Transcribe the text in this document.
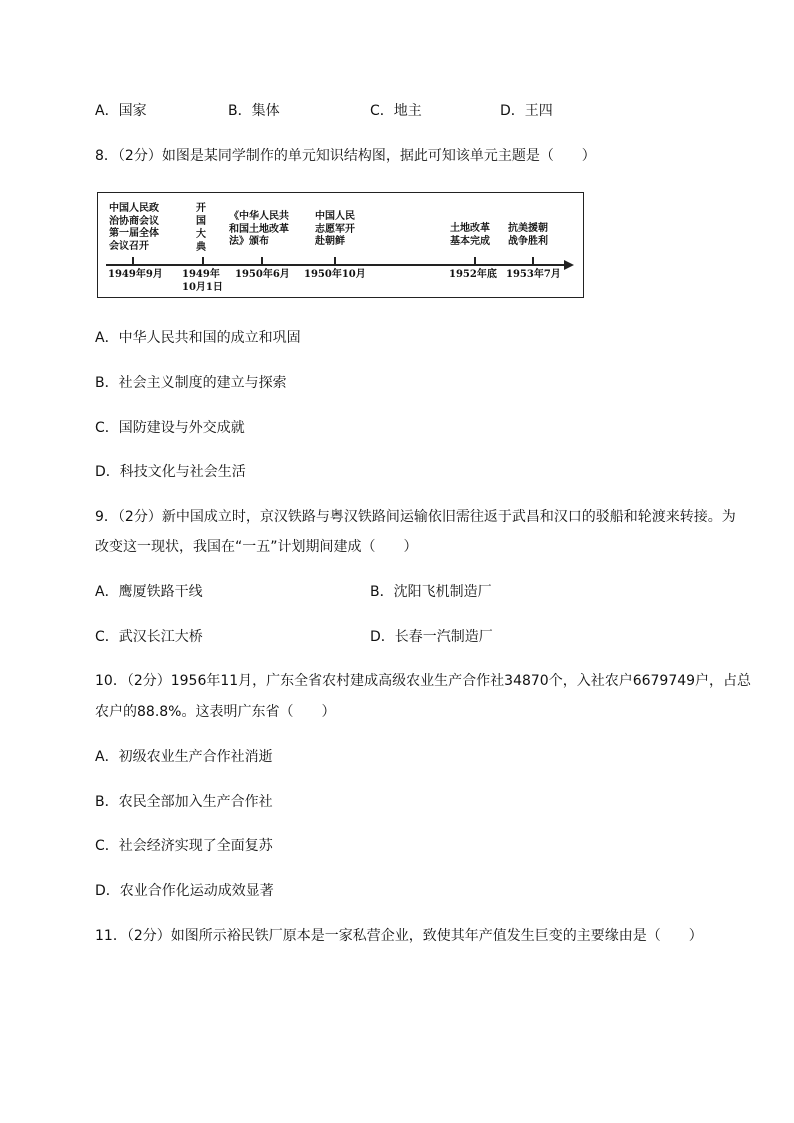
A．国家	B．集体	C．地主	D．王四
8．（2分）如图是某同学制作的单元知识结构图，据此可知该单元主题是（　　）
中国人民政
治协商会议
第一届全体
会议召开
开
国
大
典
《中华人民共
和国土地改革
法》颁布
中国人民
志愿军开
赴朝鲜
土地改革
基本完成
抗美援朝
战争胜利
1949年9月 1949年
10月1日
1950年6月 1950年10月	1952年底 1953年7月
A．中华人民共和国的成立和巩固
B．社会主义制度的建立与探索
C．国防建设与外交成就
D．科技文化与社会生活
9．（2分）新中国成立时，京汉铁路与粤汉铁路间运输依旧需往返于武昌和汉口的驳船和轮渡来转接。为
改变这一现状，我国在“一五”计划期间建成（　　）
A．鹰厦铁路干线	B．沈阳飞机制造厂
C．武汉长江大桥	D．长春一汽制造厂
10．（2分）1956年11月，广东全省农村建成高级农业生产合作社34870个，入社农户6679749户，占总
农户的88.8%。这表明广东省（　　）
A．初级农业生产合作社消逝
B．农民全部加入生产合作社
C．社会经济实现了全面复苏
D．农业合作化运动成效显著
11．（2分）如图所示裕民铁厂原本是一家私营企业，致使其年产值发生巨变的主要缘由是（　　）
